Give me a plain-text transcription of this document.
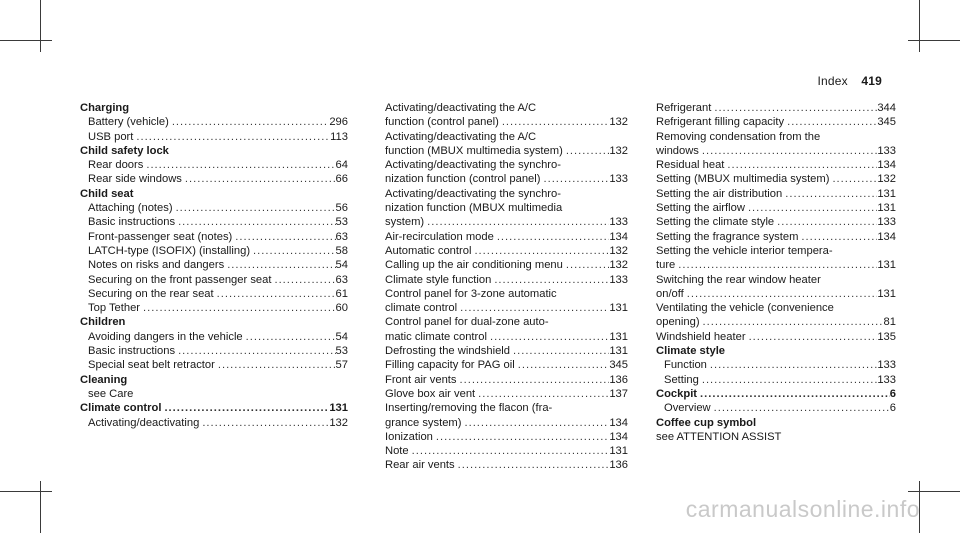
Index 419
Charging
Battery (vehicle) .....	296
USB port .....	113
Child safety lock
Rear doors .....	64
Rear side windows .....	66
Child seat
Attaching (notes) .....	56
Basic instructions .....	53
Front-passenger seat (notes) .....	63
LATCH-type (ISOFIX) (installing) .....	58
Notes on risks and dangers .....	54
Securing on the front passenger seat .....	63
Securing on the rear seat .....	61
Top Tether .....	60
Children
Avoiding dangers in the vehicle .....	54
Basic instructions .....	53
Special seat belt retractor .....	57
Cleaning
see Care
Climate control .....	131
Activating/deactivating .....	132
Activating/deactivating the A/C
function (control panel) .....	132
Activating/deactivating the A/C
function (MBUX multimedia system) .....	132
Activating/deactivating the synchro-
nization function (control panel) .....	133
Activating/deactivating the synchro-
nization function (MBUX multimedia
system) .....	133
Air-recirculation mode .....	134
Automatic control .....	132
Calling up the air conditioning menu .....	132
Climate style function .....	133
Control panel for 3-zone automatic
climate control .....	131
Control panel for dual-zone auto-
matic climate control .....	131
Defrosting the windshield .....	131
Filling capacity for PAG oil .....	345
Front air vents .....	136
Glove box air vent .....	137
Inserting/removing the flacon (fra-
grance system) .....	134
Ionization .....	134
Note .....	131
Rear air vents .....	136
Refrigerant .....	344
Refrigerant filling capacity .....	345
Removing condensation from the
windows .....	133
Residual heat .....	134
Setting (MBUX multimedia system) .....	132
Setting the air distribution .....	131
Setting the airflow .....	131
Setting the climate style .....	133
Setting the fragrance system .....	134
Setting the vehicle interior tempera-
ture .....	131
Switching the rear window heater
on/off .....	131
Ventilating the vehicle (convenience
opening) .....	81
Windshield heater .....	135
Climate style
Function .....	133
Setting .....	133
Cockpit .....	6
Overview .....	6
Coffee cup symbol
see ATTENTION ASSIST
carmanualsonline.info
